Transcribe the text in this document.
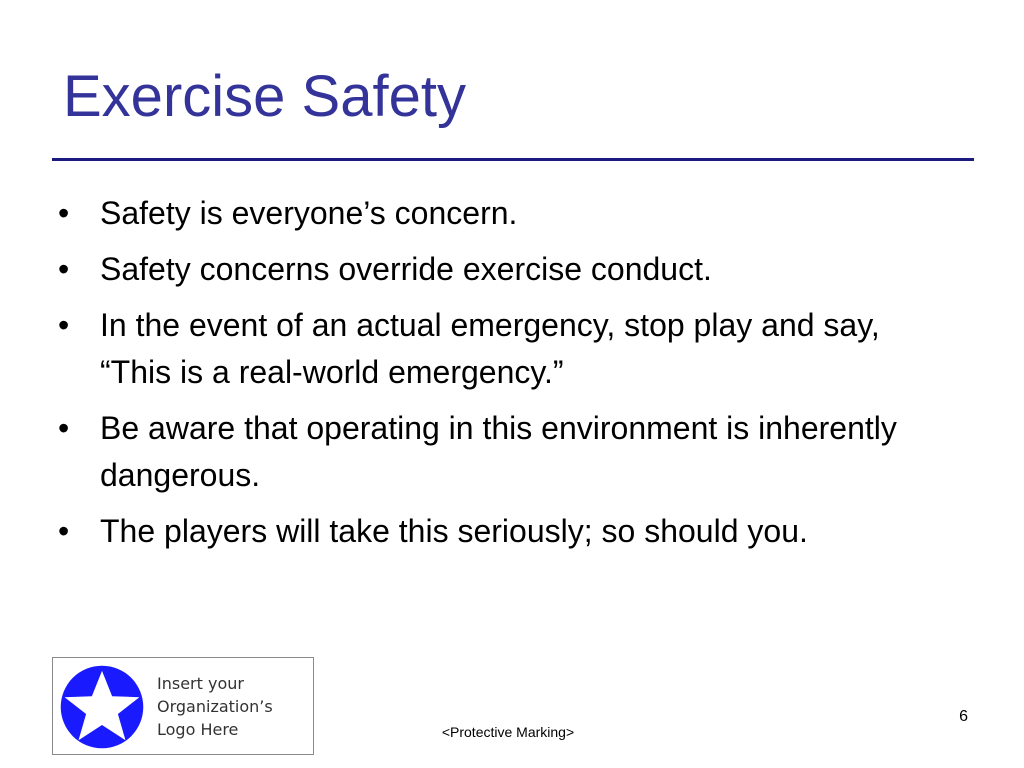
Exercise Safety
• Safety is everyone’s concern.
• Safety concerns override exercise conduct.
• In the event of an actual emergency, stop play and say, “This is a real-world emergency.”
• Be aware that operating in this environment is inherently dangerous.
• The players will take this seriously; so should you.
Insert your
Organization’s
Logo Here	<Protective Marking>
6
